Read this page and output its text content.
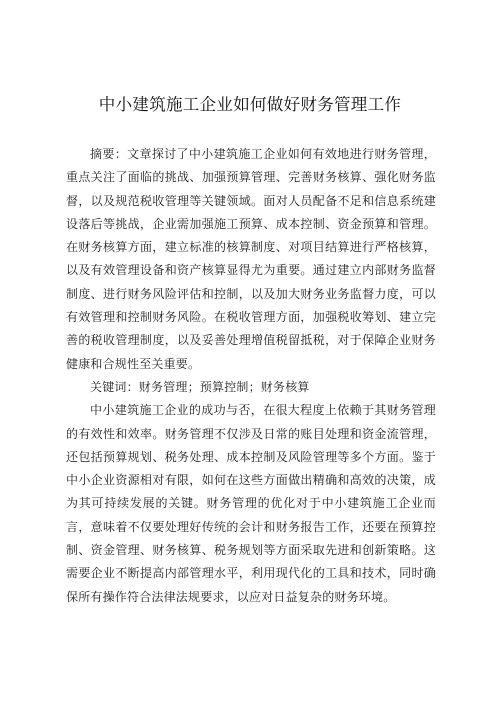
中小建筑施工企业如何做好财务管理工作

摘要：文章探讨了中小建筑施工企业如何有效地进行财务管理，重点关注了面临的挑战、加强预算管理、完善财务核算、强化财务监督，以及规范税收管理等关键领域。面对人员配备不足和信息系统建设落后等挑战，企业需加强施工预算、成本控制、资金预算和管理。在财务核算方面，建立标准的核算制度、对项目结算进行严格核算，以及有效管理设备和资产核算显得尤为重要。通过建立内部财务监督制度、进行财务风险评估和控制，以及加大财务业务监督力度，可以有效管理和控制财务风险。在税收管理方面，加强税收筹划、建立完善的税收管理制度，以及妥善处理增值税留抵税，对于保障企业财务健康和合规性至关重要。

关键词：财务管理；预算控制；财务核算

中小建筑施工企业的成功与否，在很大程度上依赖于其财务管理的有效性和效率。财务管理不仅涉及日常的账目处理和资金流管理，还包括预算规划、税务处理、成本控制及风险管理等多个方面。鉴于中小企业资源相对有限，如何在这些方面做出精确和高效的决策，成为其可持续发展的关键。财务管理的优化对于中小建筑施工企业而言，意味着不仅要处理好传统的会计和财务报告工作，还要在预算控制、资金管理、财务核算、税务规划等方面采取先进和创新策略。这需要企业不断提高内部管理水平，利用现代化的工具和技术，同时确保所有操作符合法律法规要求，以应对日益复杂的财务环境。
